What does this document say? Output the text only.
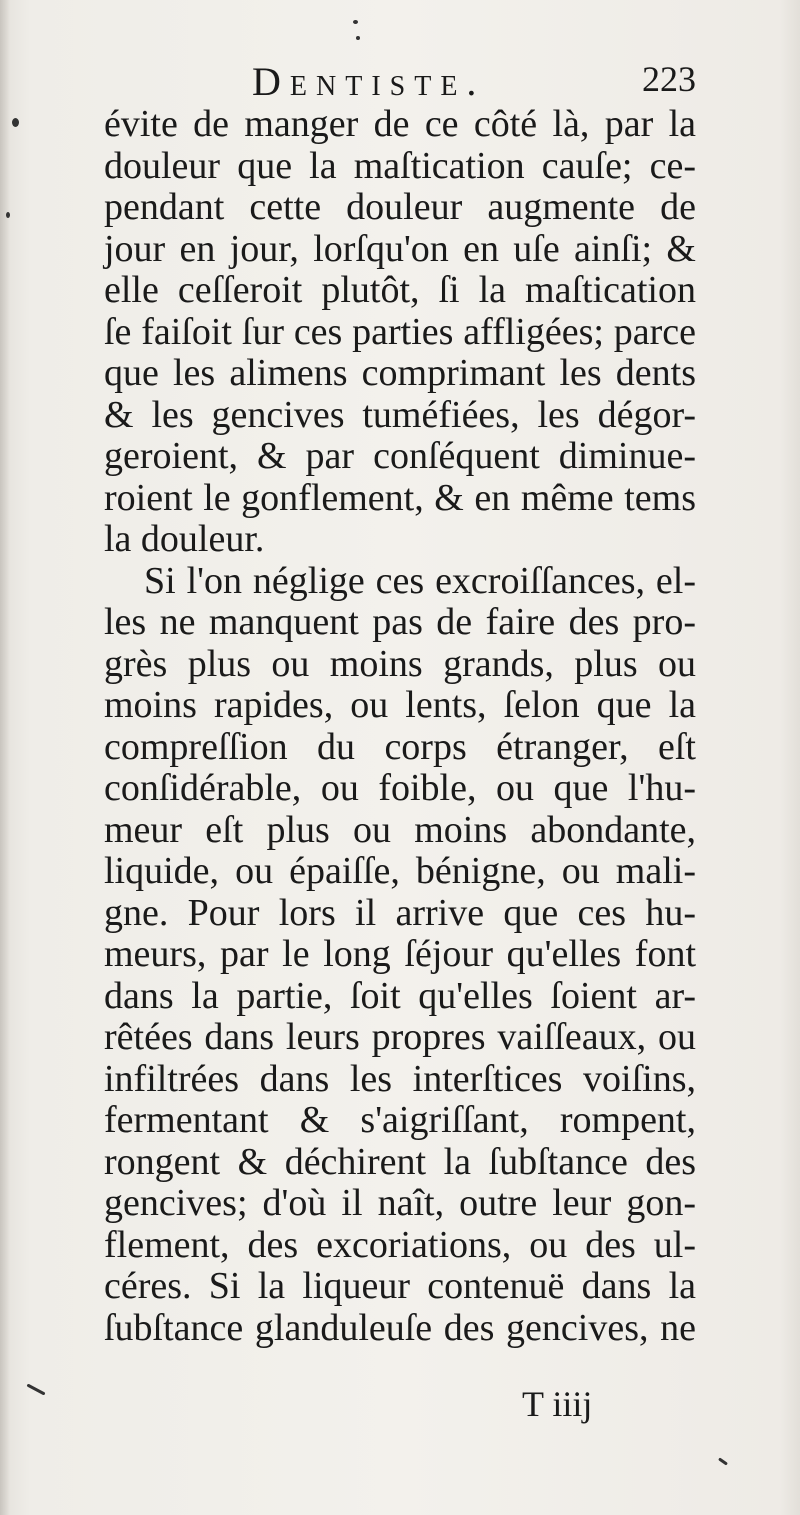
Dentiste.	223
évite de manger de ce côté là, par la
douleur que la maſtication cauſe; ce-
pendant cette douleur augmente de
jour en jour, lorſqu'on en uſe ainſi; &
elle ceſſeroit plutôt, ſi la maſtication
ſe faiſoit ſur ces parties affligées; parce
que les alimens comprimant les dents
& les gencives tuméfiées, les dégor-
geroient, & par conſéquent diminue-
roient le gonflement, & en même tems
la douleur.
Si l'on néglige ces excroiſſances, el-
les ne manquent pas de faire des pro-
grès plus ou moins grands, plus ou
moins rapides, ou lents, ſelon que la
compreſſion du corps étranger, eſt
conſidérable, ou foible, ou que l'hu-
meur eſt plus ou moins abondante,
liquide, ou épaiſſe, bénigne, ou mali-
gne. Pour lors il arrive que ces hu-
meurs, par le long ſéjour qu'elles font
dans la partie, ſoit qu'elles ſoient ar-
rêtées dans leurs propres vaiſſeaux, ou
infiltrées dans les interſtices voiſins,
fermentant & s'aigriſſant, rompent,
rongent & déchirent la ſubſtance des
gencives; d'où il naît, outre leur gon-
flement, des excoriations, ou des ul-
céres. Si la liqueur contenuë dans la
ſubſtance glanduleuſe des gencives, ne
T iiij
